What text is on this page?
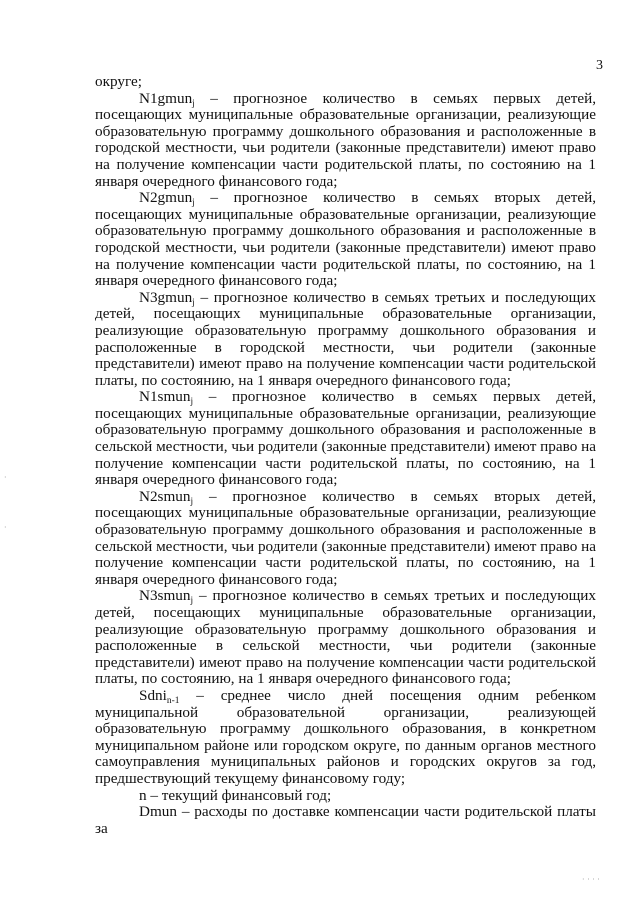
3

округе;

N1gmun$_j$ – прогнозное количество в семьях первых детей, посещающих муниципальные образовательные организации, реализующие образовательную программу дошкольного образования и расположенные в городской местности, чьи родители (законные представители) имеют право на получение компенсации части родительской платы, по состоянию на 1 января очередного финансового года;

N2gmun$_j$ – прогнозное количество в семьях вторых детей, посещающих муниципальные образовательные организации, реализующие образовательную программу дошкольного образования и расположенные в городской местности, чьи родители (законные представители) имеют право на получение компенсации части родительской платы, по состоянию, на 1 января очередного финансового года;

N3gmun$_j$ – прогнозное количество в семьях третьих и последующих детей, посещающих муниципальные образовательные организации, реализующие образовательную программу дошкольного образования и расположенные в городской местности, чьи родители (законные представители) имеют право на получение компенсации части родительской платы, по состоянию, на 1 января очередного финансового года;

N1smun$_j$ – прогнозное количество в семьях первых детей, посещающих муниципальные образовательные организации, реализующие образовательную программу дошкольного образования и расположенные в сельской местности, чьи родители (законные представители) имеют право на получение компенсации части родительской платы, по состоянию, на 1 января очередного финансового года;

N2smun$_j$ – прогнозное количество в семьях вторых детей, посещающих муниципальные образовательные организации, реализующие образовательную программу дошкольного образования и расположенные в сельской местности, чьи родители (законные представители) имеют право на получение компенсации части родительской платы, по состоянию, на 1 января очередного финансового года;

N3smun$_j$ – прогнозное количество в семьях третьих и последующих детей, посещающих муниципальные образовательные организации, реализующие образовательную программу дошкольного образования и расположенные в сельской местности, чьи родители (законные представители) имеют право на получение компенсации части родительской платы, по состоянию, на 1 января очередного финансового года;

Sdni$_{n-1}$ – среднее число дней посещения одним ребенком муниципальной образовательной организации, реализующей образовательную программу дошкольного образования, в конкретном муниципальном районе или городском округе, по данным органов местного самоуправления муниципальных районов и городских округов за год, предшествующий текущему финансовому году;

n – текущий финансовый год;

Dmun – расходы по доставке компенсации части родительской платы за

·
·
· · · ·
